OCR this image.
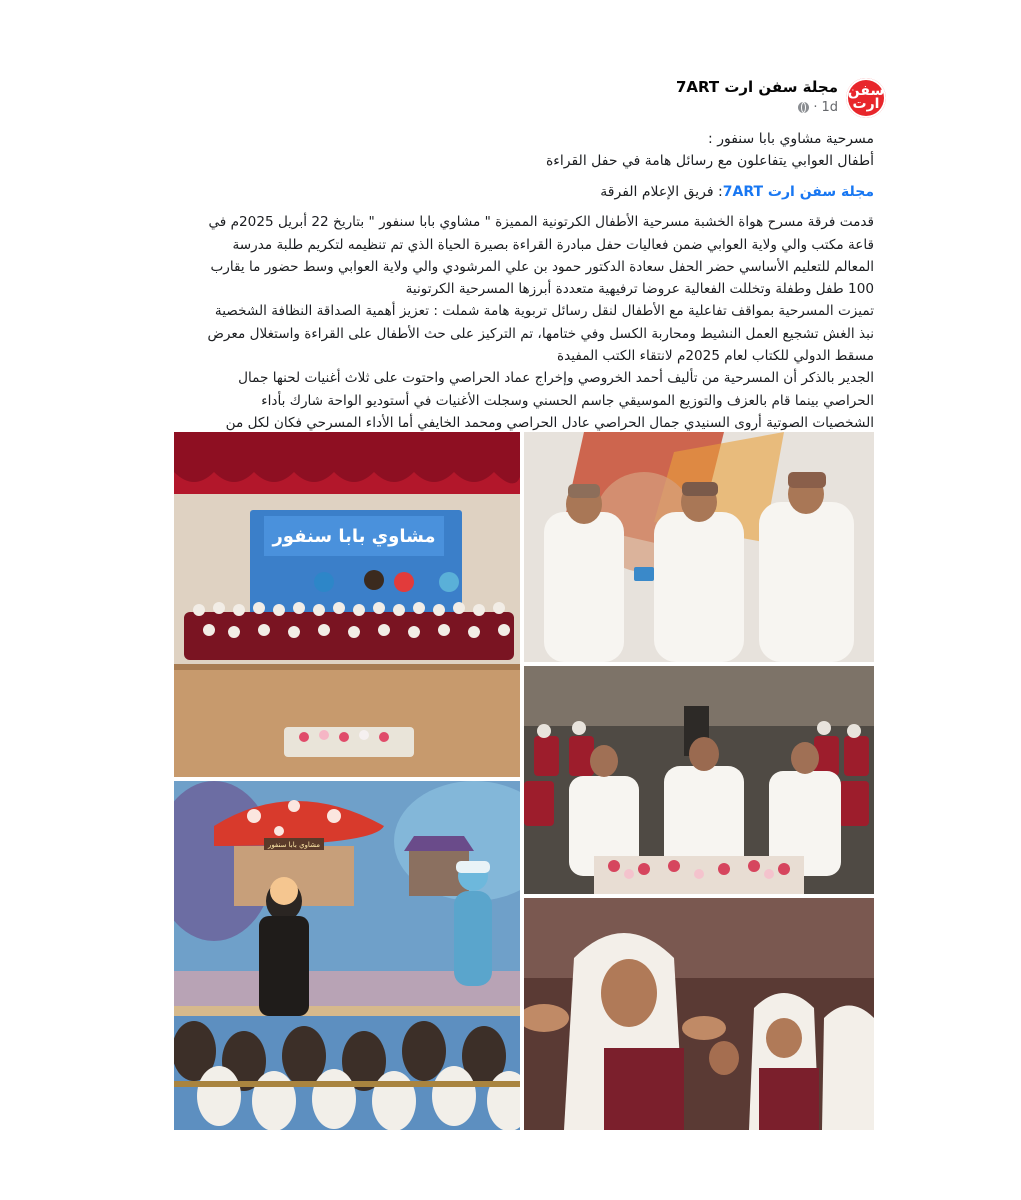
سفن ارت
مجلة سفن ارت 7ART
1d
·

مسرحية مشاوي بابا سنفور :

أطفال العوابي يتفاعلون مع رسائل هامة في حفل القراءة

مجلة سفن ارت 7ART: فريق الإعلام الفرقة

قدمت فرقة مسرح هواة الخشبة مسرحية الأطفال الكرتونية المميزة " مشاوي بابا سنفور " بتاريخ 22 أبريل 2025م في

قاعة مكتب والي ولاية العوابي ضمن فعاليات حفل مبادرة القراءة بصيرة الحياة الذي تم تنظيمه لتكريم طلبة مدرسة

المعالم للتعليم الأساسي حضر الحفل سعادة الدكتور حمود بن علي المرشودي والي ولاية العوابي وسط حضور ما يقارب

100 طفل وطفلة وتخللت الفعالية عروضا ترفيهية متعددة أبرزها المسرحية الكرتونية

تميزت المسرحية بمواقف تفاعلية مع الأطفال لنقل رسائل تربوية هامة شملت : تعزيز أهمية الصداقة النظافة الشخصية

نبذ الغش تشجيع العمل النشيط ومحاربة الكسل وفي ختامها، تم التركيز على حث الأطفال على القراءة واستغلال معرض

مسقط الدولي للكتاب لعام 2025م لانتقاء الكتب المفيدة

الجدير بالذكر أن المسرحية من تأليف أحمد الخروصي وإخراج عماد الحراصي واحتوت على ثلاث أغنيات لحنها جمال

الحراصي بينما قام بالعزف والتوزيع الموسيقي جاسم الحسني وسجلت الأغنيات في أستوديو الواحة شارك بأداء

الشخصيات الصوتية أروى السنيدي جمال الحراصي عادل الحراصي ومحمد الخايفي أما الأداء المسرحي فكان لكل من

مشاوي بابا سنفور
مشاوي بابا سنفور
